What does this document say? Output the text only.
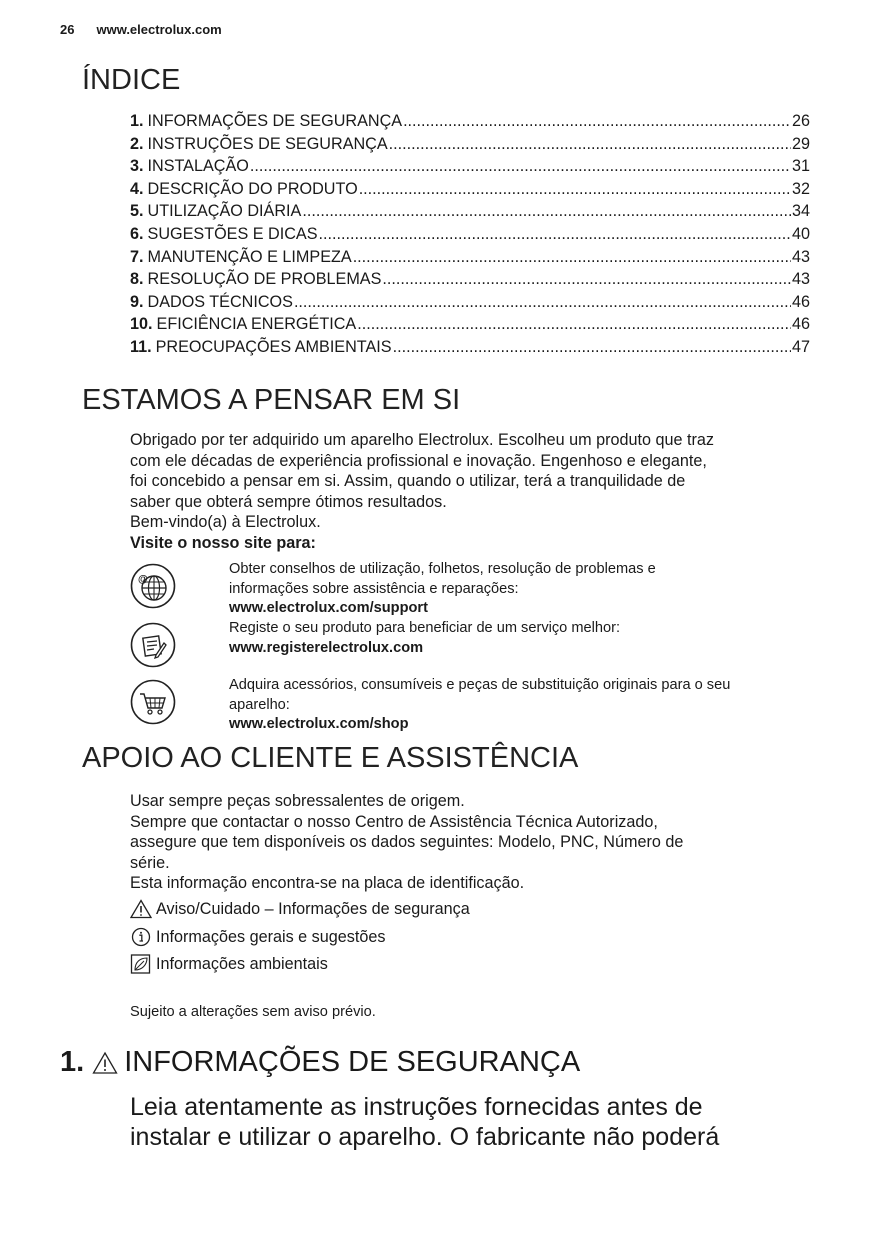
26 www.electrolux.com
ÍNDICE
1. INFORMAÇÕES DE SEGURANÇA .....	26
2. INSTRUÇÕES DE SEGURANÇA .....	29
3. INSTALAÇÃO .....	31
4. DESCRIÇÃO DO PRODUTO .....	32
5. UTILIZAÇÃO DIÁRIA .....	34
6. SUGESTÕES E DICAS .....	40
7. MANUTENÇÃO E LIMPEZA .....	43
8. RESOLUÇÃO DE PROBLEMAS .....	43
9. DADOS TÉCNICOS .....	46
10. EFICIÊNCIA ENERGÉTICA .....	46
11. PREOCUPAÇÕES AMBIENTAIS .....	47
ESTAMOS A PENSAR EM SI
Obrigado por ter adquirido um aparelho Electrolux. Escolheu um produto que traz
com ele décadas de experiência profissional e inovação. Engenhoso e elegante,
foi concebido a pensar em si. Assim, quando o utilizar, terá a tranquilidade de
saber que obterá sempre ótimos resultados.
Bem-vindo(a) à Electrolux.
Visite o nosso site para:
@
Obter conselhos de utilização, folhetos, resolução de problemas e
informações sobre assistência e reparações:
www.electrolux.com/support
Registe o seu produto para beneficiar de um serviço melhor:
www.registerelectrolux.com
Adquira acessórios, consumíveis e peças de substituição originais para o seu
aparelho:
www.electrolux.com/shop
APOIO AO CLIENTE E ASSISTÊNCIA
Usar sempre peças sobressalentes de origem.
Sempre que contactar o nosso Centro de Assistência Técnica Autorizado,
assegure que tem disponíveis os dados seguintes: Modelo, PNC, Número de
série.
Esta informação encontra-se na placa de identificação.
Aviso/Cuidado – Informações de segurança
Informações gerais e sugestões
Informações ambientais
Sujeito a alterações sem aviso prévio.
1. INFORMAÇÕES DE SEGURANÇA
Leia atentamente as instruções fornecidas antes de
instalar e utilizar o aparelho. O fabricante não poderá
